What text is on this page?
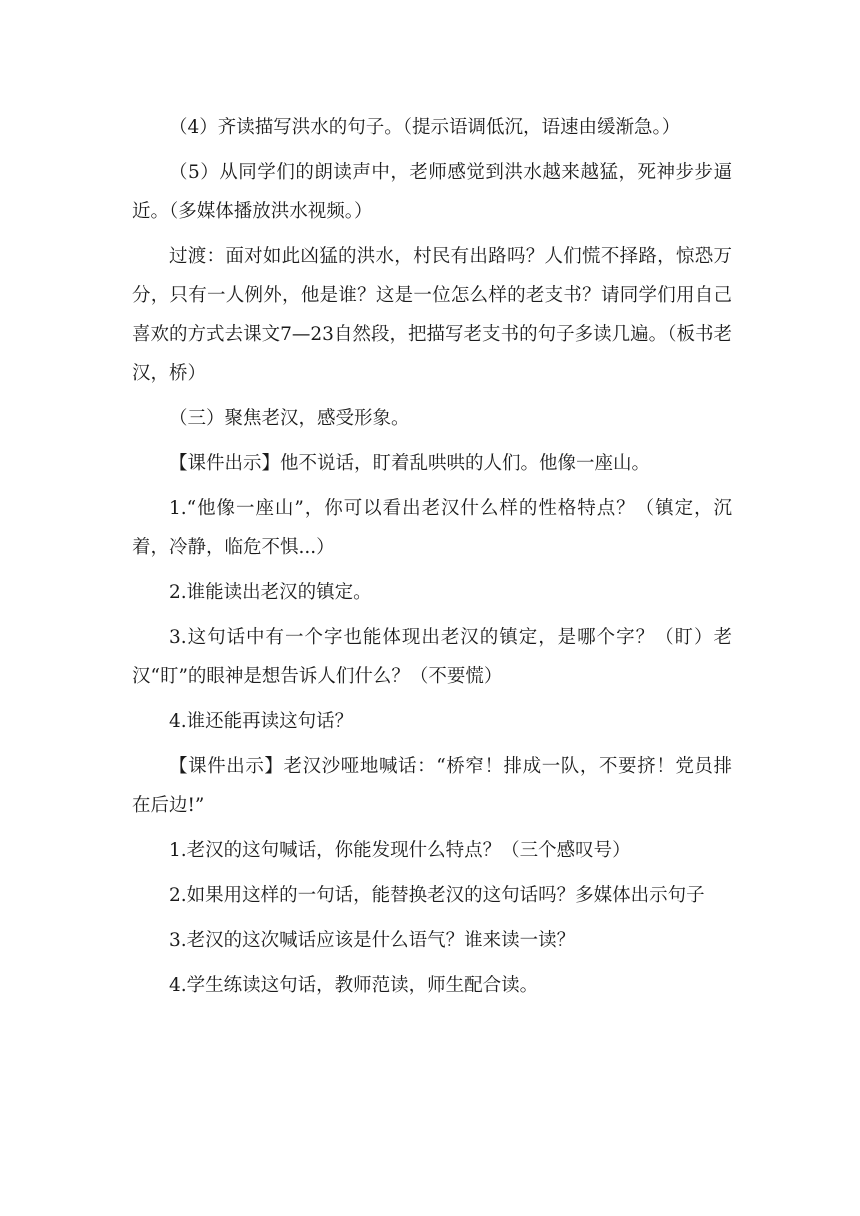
（4）齐读描写洪水的句子。（提示语调低沉，语速由缓渐急。）

（5）从同学们的朗读声中，老师感觉到洪水越来越猛，死神步步逼近。（多媒体播放洪水视频。）

过渡：面对如此凶猛的洪水，村民有出路吗？人们慌不择路，惊恐万分，只有一人例外，他是谁？这是一位怎么样的老支书？请同学们用自己喜欢的方式去课文7—23自然段，把描写老支书的句子多读几遍。（板书老汉，桥）

（三）聚焦老汉，感受形象。

【课件出示】他不说话，盯着乱哄哄的人们。他像一座山。

1.“他像一座山”，你可以看出老汉什么样的性格特点？（镇定，沉着，冷静，临危不惧...）

2.谁能读出老汉的镇定。

3.这句话中有一个字也能体现出老汉的镇定，是哪个字？（盯）老汉“盯”的眼神是想告诉人们什么？（不要慌）

4.谁还能再读这句话？

【课件出示】老汉沙哑地喊话：“桥窄！排成一队，不要挤！党员排在后边!”

1.老汉的这句喊话，你能发现什么特点？（三个感叹号）

2.如果用这样的一句话，能替换老汉的这句话吗？多媒体出示句子

3.老汉的这次喊话应该是什么语气？谁来读一读？

4.学生练读这句话，教师范读，师生配合读。
